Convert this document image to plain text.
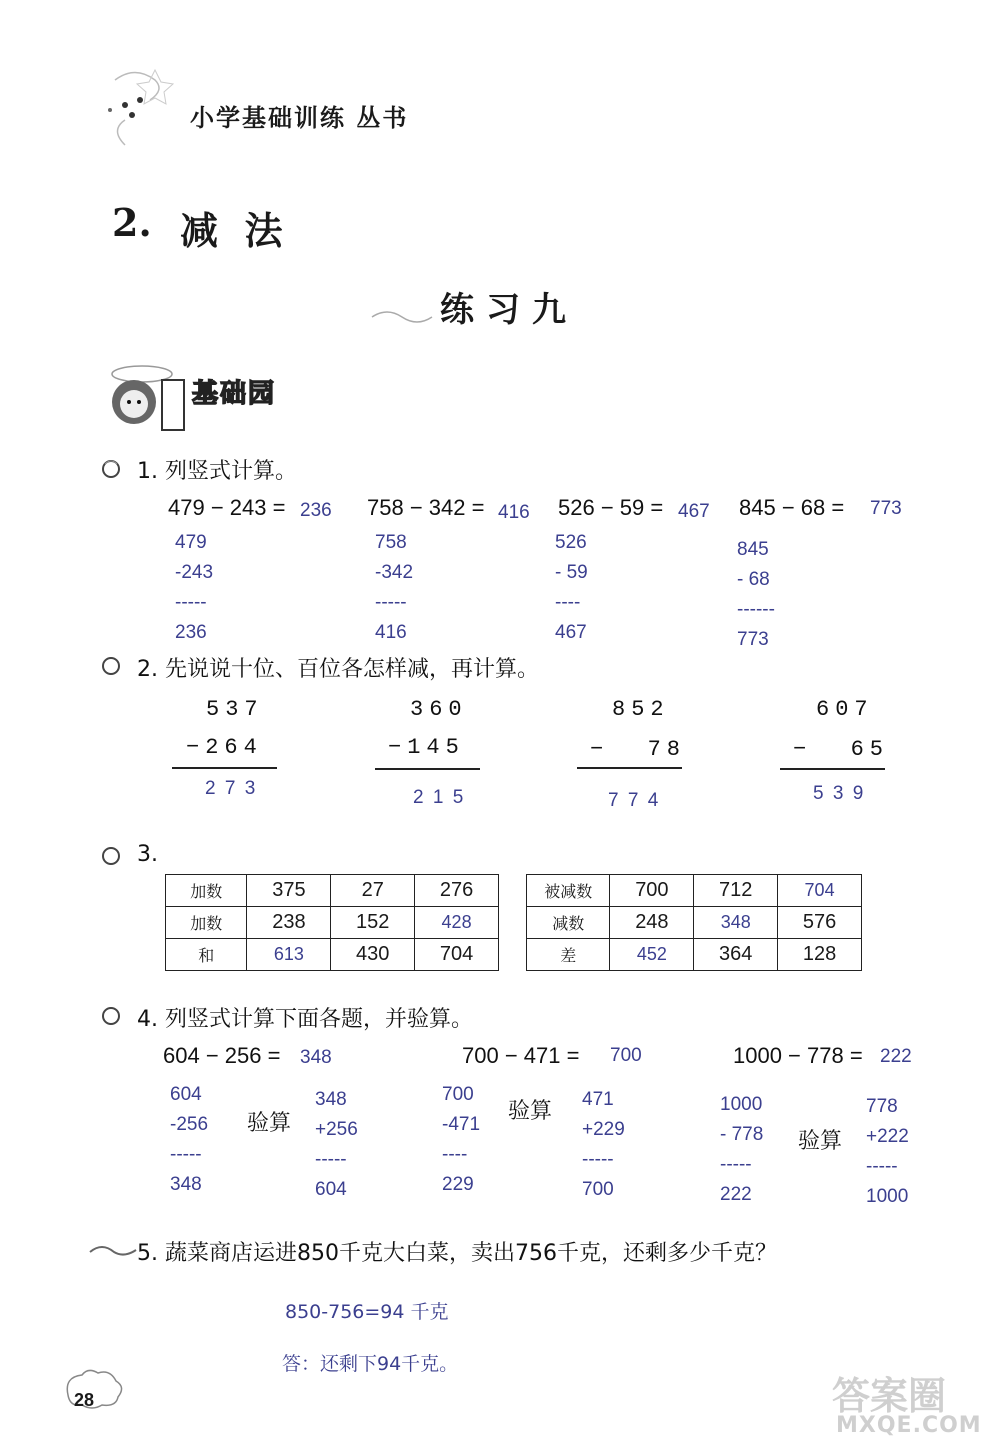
小学基础训练 丛书
2. 减  法
练习九
基础园
1. 列竖式计算。
479 − 243 = 236
479
-243
-----
236
758 − 342 = 416
758
-342
-----
416
526 − 59 = 467
526
- 59
----
467
845 − 68 = 773
845
- 68
------
773
2. 先说说十位、百位各怎样减，再计算。
537
−264
2 7 3
360
−145
2 1 5
852
−  78
7 7 4
607
−  65
5 3 9
3.
加数	375	27	276
加数	238	152	428
和	613	430	704
被减数	700	712	704
减数	248	348	576
差	452	364	128
4. 列竖式计算下面各题，并验算。
604 − 256 = 348
604
-256
-----
348
验算
348
+256
-----
604
700 − 471 = 700
700
-471
----
229
验算 471
+229
-----
700
1000 − 778 = 222
1000
- 778
-----
222
验算
778
+222
-----
1000
5. 蔬菜商店运进850千克大白菜，卖出756千克，还剩多少千克？
850-756=94 千克
答：还剩下94千克。
28	答案圈
MXQE.COM
